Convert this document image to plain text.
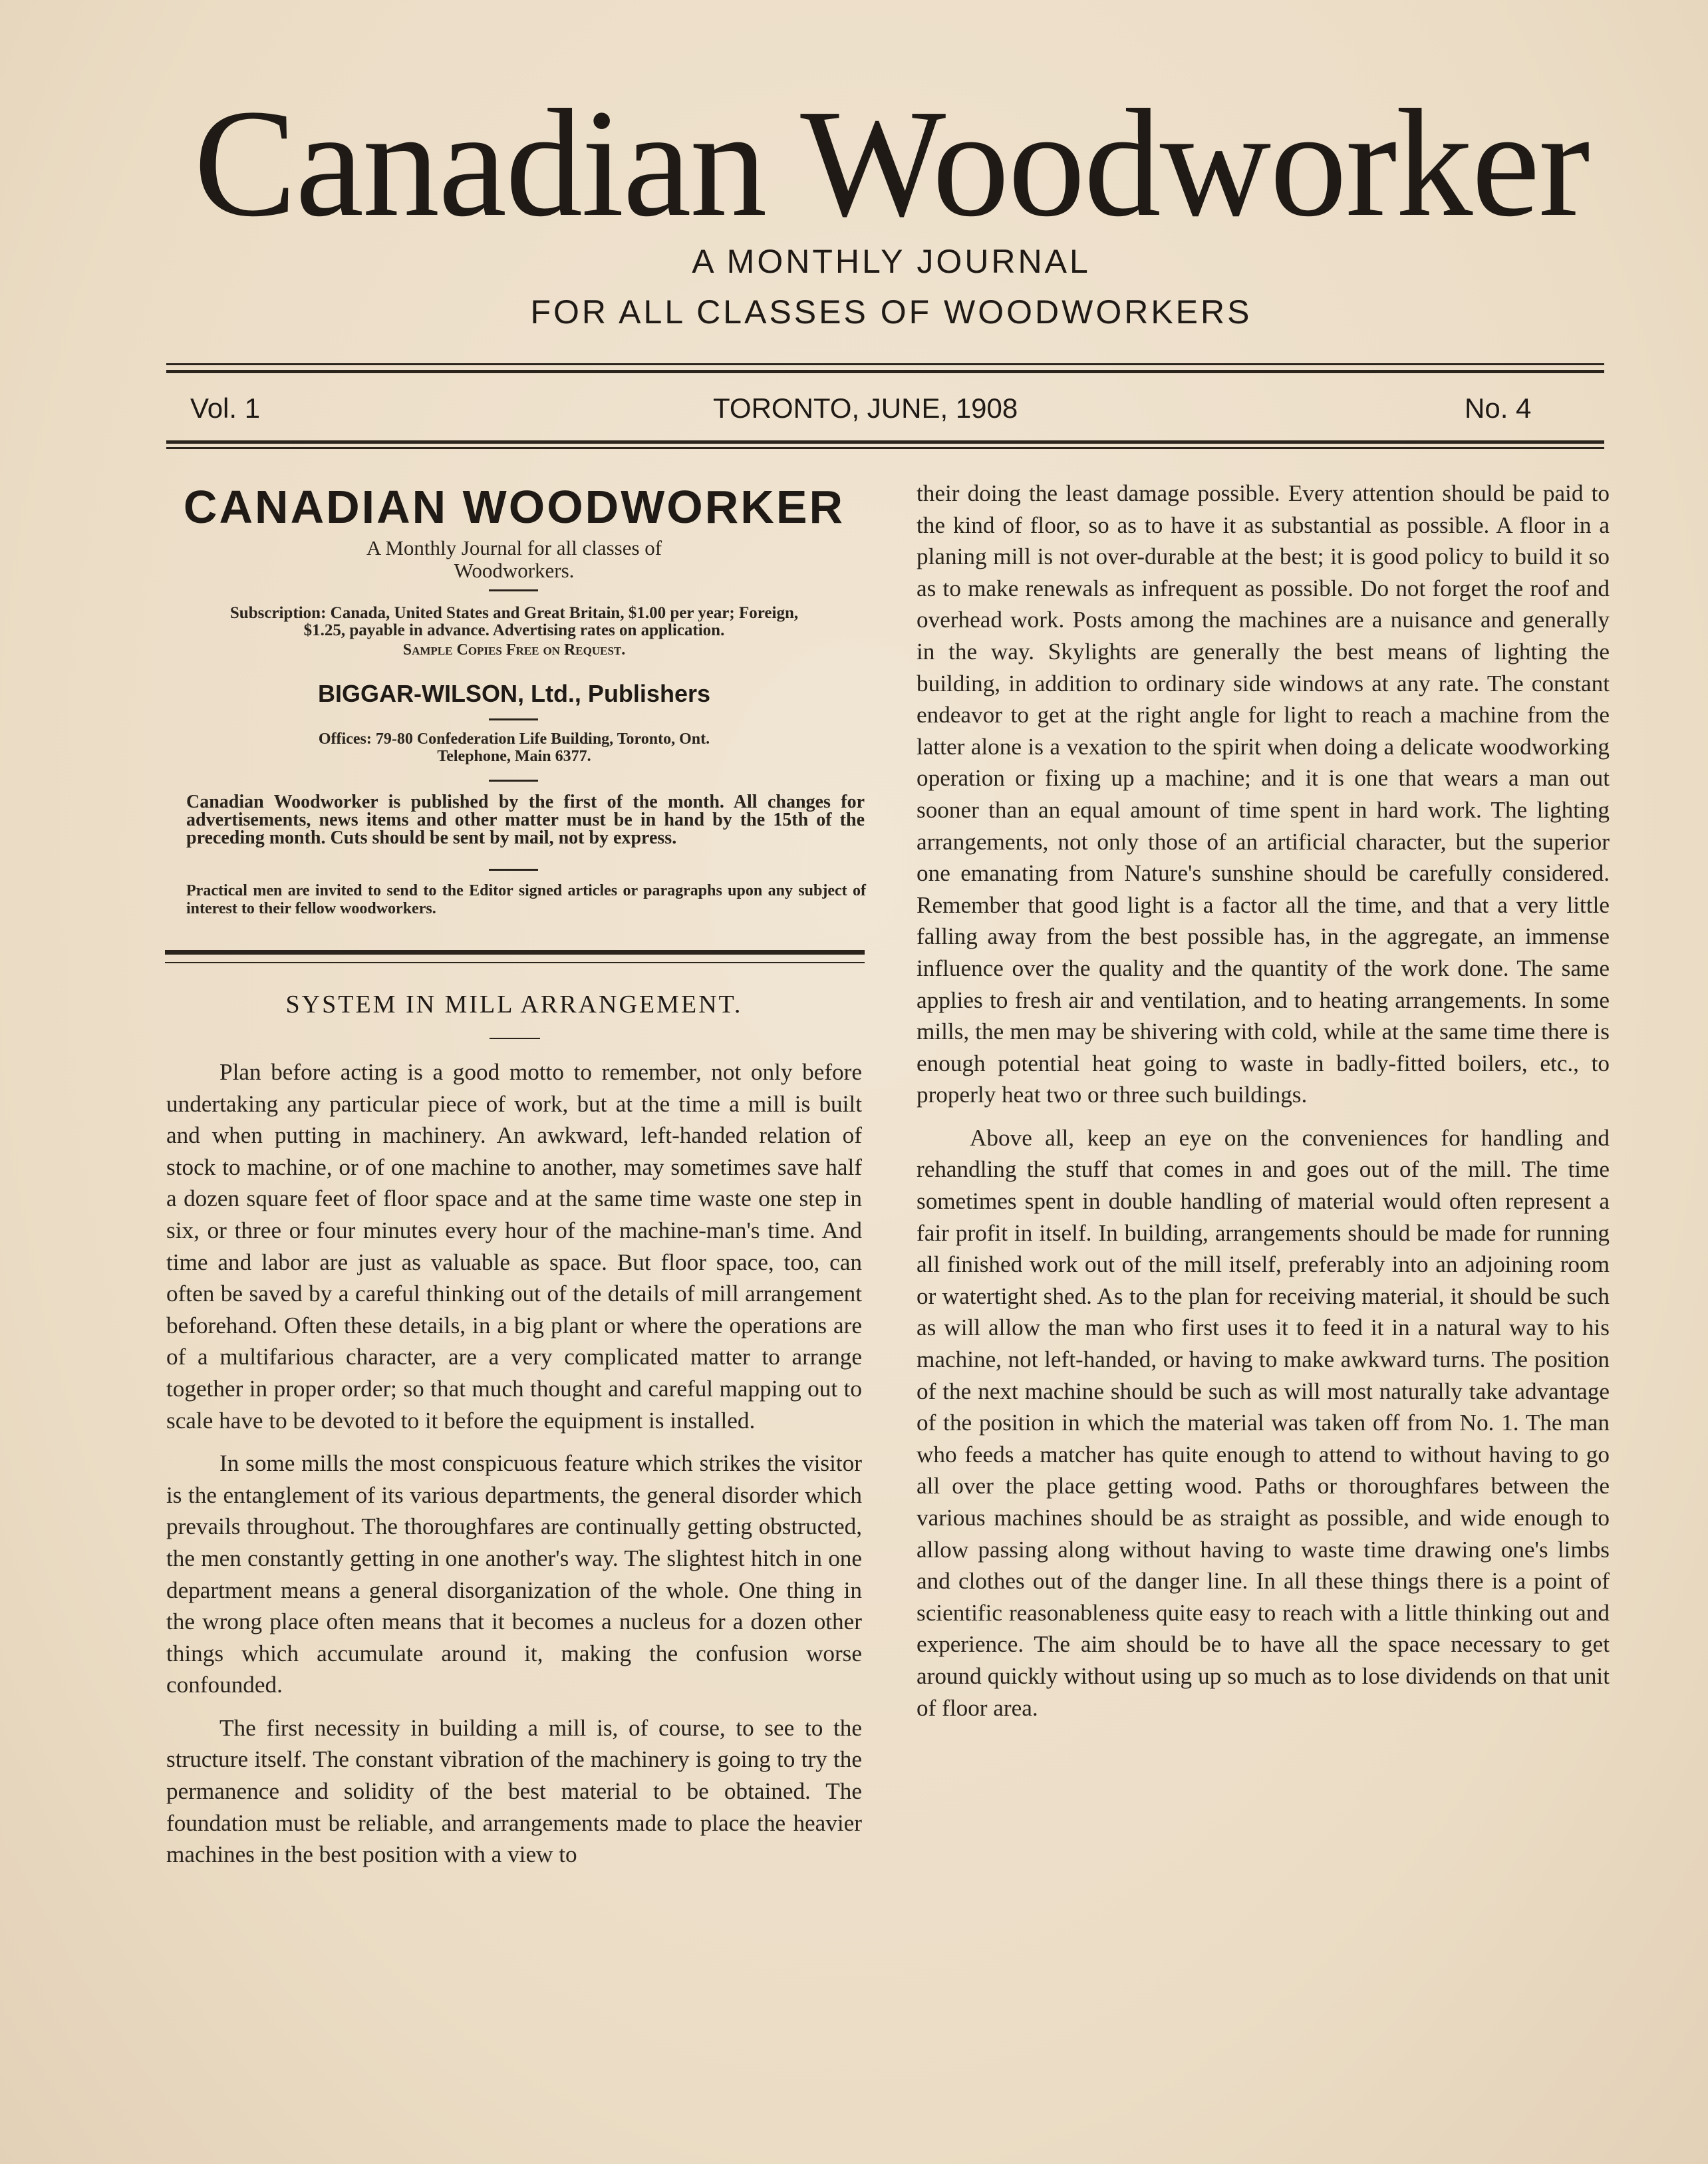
Canadian Woodworker
A MONTHLY JOURNAL
FOR ALL CLASSES OF WOODWORKERS
Vol. 1	TORONTO, JUNE, 1908	No. 4
CANADIAN WOODWORKER
A Monthly Journal for all classes of
Woodworkers.
Subscription: Canada, United States and Great Britain, $1.00 per year; Foreign,
$1.25, payable in advance. Advertising rates on application.
Sample Copies Free on Request.
BIGGAR-WILSON, Ltd., Publishers
Offices: 79-80 Confederation Life Building, Toronto, Ont.
Telephone, Main 6377.
Canadian Woodworker is published by the first of the month. All changes for advertisements, news items and other matter must be in hand by the 15th of the preceding month. Cuts should be sent by mail, not by express.
Practical men are invited to send to the Editor signed articles or paragraphs upon any subject of interest to their fellow woodworkers.
SYSTEM IN MILL ARRANGEMENT.

Plan before acting is a good motto to remember, not only before undertaking any particular piece of work, but at the time a mill is built and when putting in machinery. An awkward, left-handed relation of stock to machine, or of one machine to another, may sometimes save half a dozen square feet of floor space and at the same time waste one step in six, or three or four minutes every hour of the machine-man's time. And time and labor are just as valuable as space. But floor space, too, can often be saved by a careful thinking out of the details of mill arrangement beforehand. Often these details, in a big plant or where the operations are of a multifarious character, are a very complicated matter to arrange together in proper order; so that much thought and careful mapping out to scale have to be devoted to it before the equipment is installed.

In some mills the most conspicuous feature which strikes the visitor is the entanglement of its various departments, the general disorder which prevails throughout. The thoroughfares are continually getting obstructed, the men constantly getting in one another's way. The slightest hitch in one department means a general disorganization of the whole. One thing in the wrong place often means that it becomes a nucleus for a dozen other things which accumulate around it, making the confusion worse confounded.

The first necessity in building a mill is, of course, to see to the structure itself. The constant vibration of the machinery is going to try the permanence and solidity of the best material to be obtained. The foundation must be reliable, and arrangements made to place the heavier machines in the best position with a view to

their doing the least damage possible. Every attention should be paid to the kind of floor, so as to have it as substantial as possible. A floor in a planing mill is not over-durable at the best; it is good policy to build it so as to make renewals as infrequent as possible. Do not forget the roof and overhead work. Posts among the machines are a nuisance and generally in the way. Skylights are generally the best means of lighting the building, in addition to ordinary side windows at any rate. The constant endeavor to get at the right angle for light to reach a machine from the latter alone is a vexation to the spirit when doing a delicate woodworking operation or fixing up a machine; and it is one that wears a man out sooner than an equal amount of time spent in hard work. The lighting arrangements, not only those of an artificial character, but the superior one emanating from Nature's sunshine should be carefully considered. Remember that good light is a factor all the time, and that a very little falling away from the best possible has, in the aggregate, an immense influence over the quality and the quantity of the work done. The same applies to fresh air and ventilation, and to heating arrangements. In some mills, the men may be shivering with cold, while at the same time there is enough potential heat going to waste in badly-fitted boilers, etc., to properly heat two or three such buildings.

Above all, keep an eye on the conveniences for handling and rehandling the stuff that comes in and goes out of the mill. The time sometimes spent in double handling of material would often represent a fair profit in itself. In building, arrangements should be made for running all finished work out of the mill itself, preferably into an adjoining room or watertight shed. As to the plan for receiving material, it should be such as will allow the man who first uses it to feed it in a natural way to his machine, not left-handed, or having to make awkward turns. The position of the next machine should be such as will most naturally take advantage of the position in which the material was taken off from No. 1. The man who feeds a matcher has quite enough to attend to without having to go all over the place getting wood. Paths or thoroughfares between the various machines should be as straight as possible, and wide enough to allow passing along without having to waste time drawing one's limbs and clothes out of the danger line. In all these things there is a point of scientific reasonableness quite easy to reach with a little thinking out and experience. The aim should be to have all the space necessary to get around quickly without using up so much as to lose dividends on that unit of floor area.
